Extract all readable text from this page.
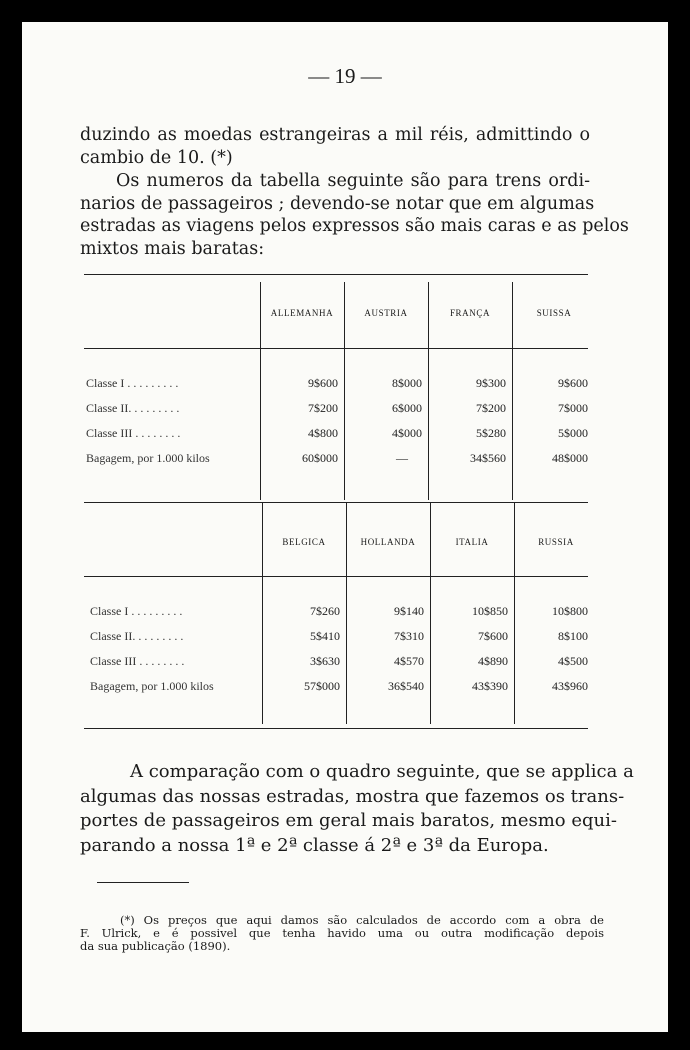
— 19 —
duzindo as moedas estrangeiras a mil réis, admittindo o
cambio de 10. (*)
Os numeros da tabella seguinte são para trens ordi-
narios de passageiros ; devendo-se notar que em algumas
estradas as viagens pelos expressos são mais caras e as pelos
mixtos mais baratas:
ALLEMANHA	AUSTRIA	FRANÇA	SUISSA
Classe I . . . . . . . . .	9$600	8$000	9$300	9$600
Classe II. . . . . . . . .	7$200	6$000	7$200	7$000
Classe III . . . . . . . .	4$800	4$000	5$280	5$000
Bagagem, por 1.000 kilos	60$000	—	34$560	48$000
BELGICA	HOLLANDA	ITALIA	RUSSIA
Classe I . . . . . . . . .	7$260	9$140	10$850	10$800
Classe II. . . . . . . . .	5$410	7$310	7$600	8$100
Classe III . . . . . . . .	3$630	4$570	4$890	4$500
Bagagem, por 1.000 kilos	57$000	36$540	43$390	43$960
A comparação com o quadro seguinte, que se applica a
algumas das nossas estradas, mostra que fazemos os trans-
portes de passageiros em geral mais baratos, mesmo equi-
parando a nossa 1ª e 2ª classe á 2ª e 3ª da Europa.
(*) Os preços que aqui damos são calculados de accordo com a obra de
F. Ulrick, e é possivel que tenha havido uma ou outra modificação depois
da sua publicação (1890).
